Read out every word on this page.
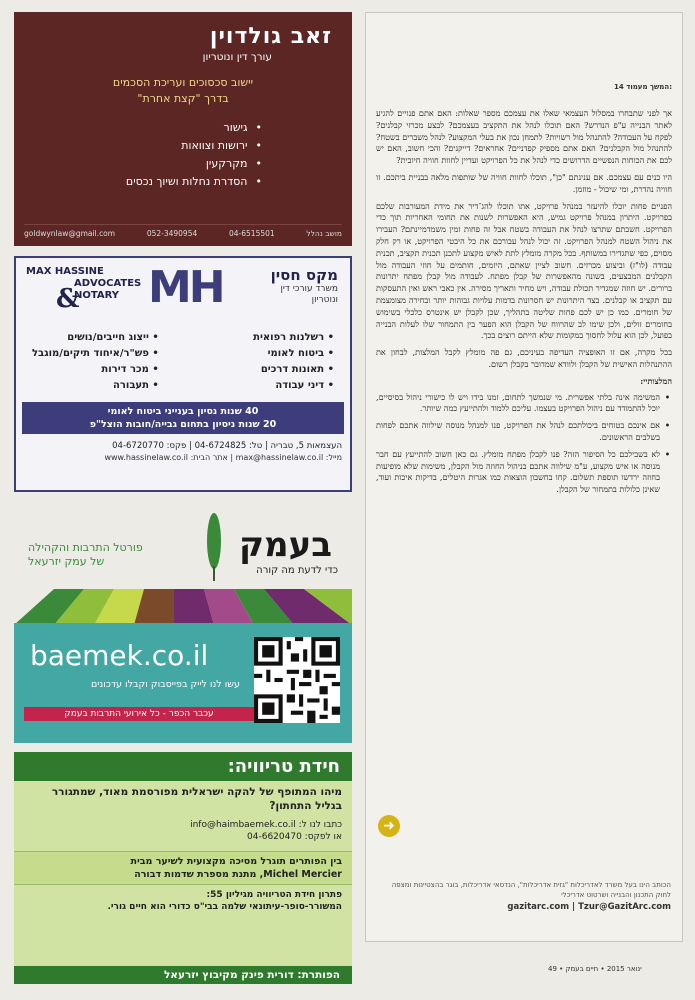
המשך מעמוד 14:

אך לפני שתבחרו במסלול העצמאי שאלו את עצמכם מספר שאלות: האם אתם פנויים להגיע לאתר הבנייה ע"פ הנדרש? האם תוכלו לנהל את התקציב בעצמכם? לבצע מכרזי קבלנים? לפקח על העבודה? להתנהל מול רשויות? לתמחן נכון את בעלי המקצוע? לנהל משברים בשטח? להתנהל מול הקבלנים? האם אתם מספיק קפדניים? אחראים? דייקנים? והכי חשוב, האם יש לכם את הכוחות הנפשיים הדרושים כדי לנהל את כל הפרויקט ועדיין לחוות חוויה חיובית?

היו כנים עם עצמכם. אם ענינתם "כן", תוכלו לחוות חוויה של שותפות מלאה בבניית ביתכם. זו חוויה נהדרת, ומי שיכול - מוזמן.

הפניים פחות יוכלו להיעזר במנהל פרויקט, אתו תוכלו להג־דיר את מידת המעורבות שלכם בפרויקט. היתרון במנהל פרויקט גמיש, היא האפשרות לשנות את תחומי האחריות תוך כדי הפרויקט. חשבתם שתרצו לנהל את העבודה בשטח אבל זה פחות זמין משמדמיינתם? העבירו את ניהול השטח למנהל הפרויקט. זה יכול לנהל עבורכם את כל היבטי הפרויקט, או רק חלק מסוים, כפי שתגדירו במשותף. בכל מקרה מומלץ לתת לאיש מקצוע לתכנן תכנית תקציב, תכנית עבודה (לו"ז) וביצוע מכרזים. חשוב לציין שאתם, היזמים, חותמים על חוזי העבודה מול הקבלנים המבצעים, בשונה מהאפשרות של קבלן מפתח. לעבודה מול קבלן מפתח יתרונות ברורים. יש חוזה שמגדיר תכולת עבודה, ויש מחיר ותאריך מסירה. אין כאבי ראש ואין התעסקות עם תקציב או קבלנים. בצד היתרונות יש חסרונות בדמות עלויות גבוהות יותר ובחירה מצומצמת של חומרים. כמו כן יש לכם פחות שליטה בתהליך, שכן לקבלן יש אינטרס כלכלי בשימוש בחומרים זולים, ולכן שימו לב שהרווח של הקבלן הוא הפער בין התמחור שלו לעלות הבנייה בפועל, לכן הוא עלול לחסוך במקומות שלא הייתם רוצים בכך.

בכל מקרה, אם זו האופציה העדיפה בעיניכם, גם פה מומלץ לקבל המלצות, לבחון את ההתנהלות האישית של הקבלן ולוודא שמדובר בקבלן רשום.

המלצותיי:
• המשימה אינה בלתי אפשרית. מי שנמשך לתחום, זמנו בידו ויש לו כישורי ניהול בסיסיים, יוכל להתמודד עם ניהול הפרויקט בעצמו. עליכם ללמוד ולהתייעץ כמה שיותר.
• אם אינכם בטוחים ביכולתכם לנהל את הפרויקט, פנו למנהל מנוסה שילווה אתכם לפחות בשלבים הראשונים.
• לא בשבילכם כל הסיפור הזה? פנו לקבלן מפתח מומלץ. גם כאן חשוב להתייעץ עם חבר מנוסה או איש מקצוע, ע"מ שילווה אתכם בניהול החוזה מול הקבלן, משימות שלא מופיעות בחוזה ירדשו תוספת תשלום. קחו בחשבון הוצאות כמו אגרות היטלים, בדיקות איכות ועוד, שאינן כלולות בתמחור של הקבלן.
➜
הכותב הינו בעל משרד לאדריכלות "גזית אדריכלות", הנדסאי אדריכלות, בוגר בהצטיינות ומצפה לחוק התכנון והבנייה ושרטוט אדריכלי
gazitarc.com | Tzur@GazitArc.com
ינואר 2015 • חיים בעמק • 49
זאב גולדוין
עורך דין ונוטריון
יישוב סכסוכים ועריכת הסכמים
בדרך "קצת אחרת"
• גישור
• ירושות וצוואות
• מקרקעין
• הסדרת נחלות ושיוך נכסים
מושב נהלל
04-6515501
052-3490954
goldwynlaw@gmail.com
מקס חסין
משרד עורכי דין
ונוטריון
MH
MAX HASSINE
ADVOCATES
NOTARY
&
• רשלנות רפואית
• ביטוח לאומי
• תאונות דרכים
• דיני עבודה
• ייצוג חייבים/נושים
• פש"ר/איחוד תיקים/מוגבל
• מכר דירות
• תעבורה
40 שנות נסיון בענייני ביטוח לאומי
20 שנות ניסיון בתחום גבייה/חובות הוצל"פ
העצמאות 5, טבריה | טל: 04-6724825 | פקס: 04-6720770
מייל: max@hassinelaw.co.il | אתר הבית: www.hassinelaw.co.il
בעמק
כדי לדעת מה קורה
פורטל התרבות והקהילה
של עמק יזרעאל
baemek.co.il
עשו לנו לייק בפייסבוק וקבלו עדכונים
עכבר הכפר - כל אירועי התרבות בעמק
חידת טריוויה:
מיהו המתופף של להקה ישראלית מפורסמת מאוד, שמתגורר בגליל התחתון?
כתבו לנו ל: info@haimbaemek.co.il
או לפקס: 04-6620470
בין הפותרים תוגרל מסיכה מקצועית לשיער מבית
Michel Mercier, מתנת מספרת שדמות דבורה
פתרון חידת הטריוויה מגיליון 55:
המשורר-סופר-עיתונאי שלמה בבי"ס כדורי הוא חיים גורי.
הפותרת: דורית פינק מקיבוץ יזרעאל
